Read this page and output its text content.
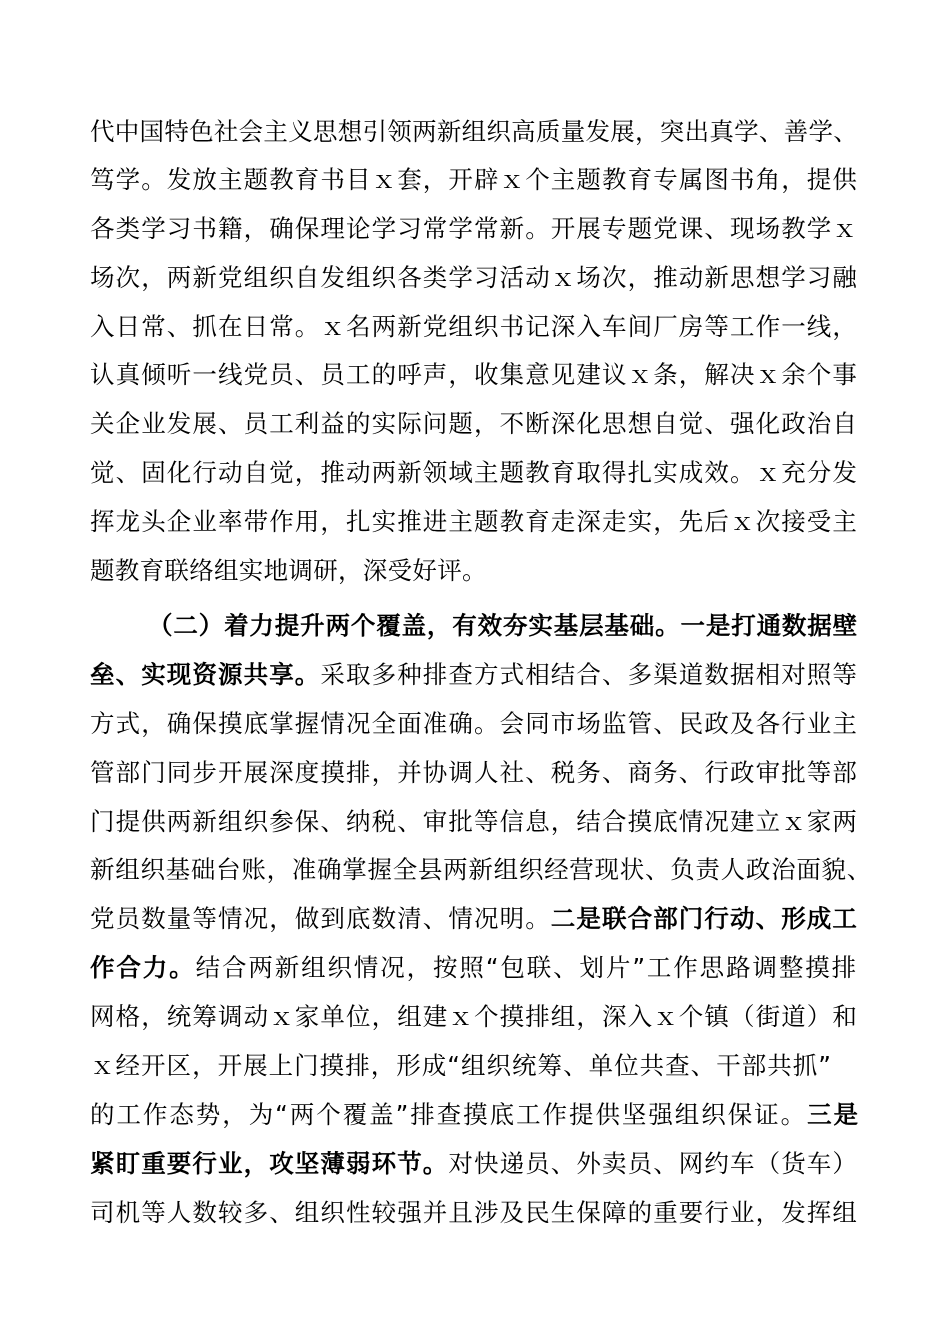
代中国特色社会主义思想引领两新组织高质量发展，突出真学、善学、
笃学。发放主题教育书目ｘ套，开辟ｘ个主题教育专属图书角，提供
各类学习书籍，确保理论学习常学常新。开展专题党课、现场教学ｘ
场次，两新党组织自发组织各类学习活动ｘ场次，推动新思想学习融
入日常、抓在日常。ｘ名两新党组织书记深入车间厂房等工作一线，
认真倾听一线党员、员工的呼声，收集意见建议ｘ条，解决ｘ余个事
关企业发展、员工利益的实际问题，不断深化思想自觉、强化政治自
觉、固化行动自觉，推动两新领域主题教育取得扎实成效。ｘ充分发
挥龙头企业率带作用，扎实推进主题教育走深走实，先后ｘ次接受主
题教育联络组实地调研，深受好评。
（二）着力提升两个覆盖，有效夯实基层基础。一是打通数据壁
垒、实现资源共享。采取多种排查方式相结合、多渠道数据相对照等
方式，确保摸底掌握情况全面准确。会同市场监管、民政及各行业主
管部门同步开展深度摸排，并协调人社、税务、商务、行政审批等部
门提供两新组织参保、纳税、审批等信息，结合摸底情况建立ｘ家两
新组织基础台账，准确掌握全县两新组织经营现状、负责人政治面貌、
党员数量等情况，做到底数清、情况明。二是联合部门行动、形成工
作合力。结合两新组织情况，按照“包联、划片”工作思路调整摸排
网格，统筹调动ｘ家单位，组建ｘ个摸排组，深入ｘ个镇（街道）和
ｘ经开区，开展上门摸排，形成“组织统筹、单位共查、干部共抓”
的工作态势，为“两个覆盖”排查摸底工作提供坚强组织保证。三是
紧盯重要行业，攻坚薄弱环节。对快递员、外卖员、网约车（货车）
司机等人数较多、组织性较强并且涉及民生保障的重要行业，发挥组
